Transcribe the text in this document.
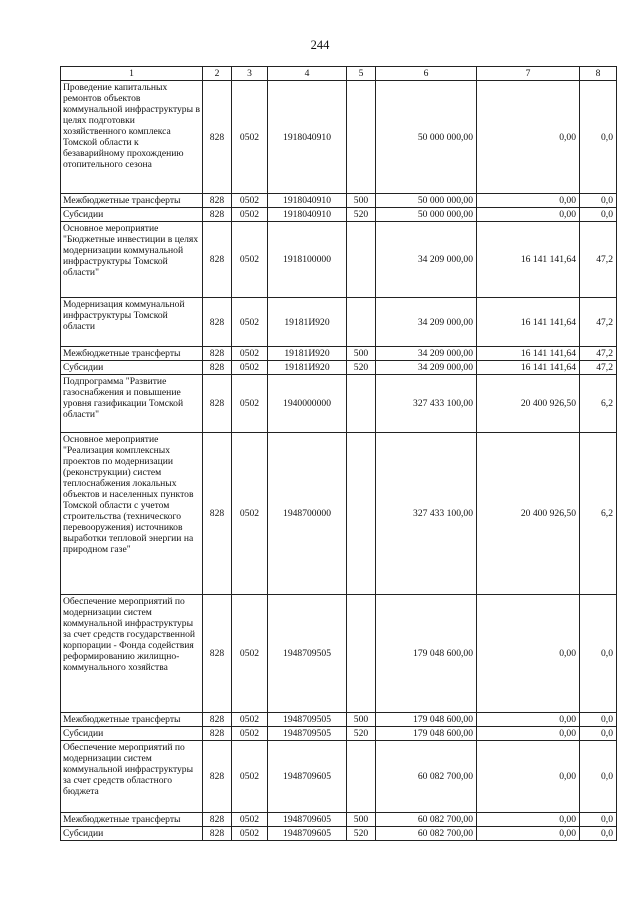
244
1	2	3	4	5	6	7	8
Проведение капитальных ремонтов объектов коммунальной инфраструктуры в целях подготовки хозяйственного комплекса Томской области к безаварийному прохождению отопительного сезона	828	0502	1918040910		50 000 000,00	0,00	0,0
Межбюджетные трансферты	828	0502	1918040910	500	50 000 000,00	0,00	0,0
Субсидии	828	0502	1918040910	520	50 000 000,00	0,00	0,0
Основное мероприятие "Бюджетные инвестиции в целях модернизации коммунальной инфраструктуры Томской области"	828	0502	1918100000		34 209 000,00	16 141 141,64	47,2
Модернизация коммунальной инфраструктуры Томской области	828	0502	19181И920		34 209 000,00	16 141 141,64	47,2
Межбюджетные трансферты	828	0502	19181И920	500	34 209 000,00	16 141 141,64	47,2
Субсидии	828	0502	19181И920	520	34 209 000,00	16 141 141,64	47,2
Подпрограмма "Развитие газоснабжения и повышение уровня газификации Томской области"	828	0502	1940000000		327 433 100,00	20 400 926,50	6,2
Основное мероприятие "Реализация комплексных проектов по модернизации (реконструкции) систем теплоснабжения локальных объектов и населенных пунктов Томской области с учетом строительства (технического перевооружения) источников выработки тепловой энергии на природном газе"	828	0502	1948700000		327 433 100,00	20 400 926,50	6,2
Обеспечение мероприятий по модернизации систем коммунальной инфраструктуры за счет средств государственной корпорации - Фонда содействия реформированию жилищно-коммунального хозяйства	828	0502	1948709505		179 048 600,00	0,00	0,0
Межбюджетные трансферты	828	0502	1948709505	500	179 048 600,00	0,00	0,0
Субсидии	828	0502	1948709505	520	179 048 600,00	0,00	0,0
Обеспечение мероприятий по модернизации систем коммунальной инфраструктуры за счет средств областного бюджета	828	0502	1948709605		60 082 700,00	0,00	0,0
Межбюджетные трансферты	828	0502	1948709605	500	60 082 700,00	0,00	0,0
Субсидии	828	0502	1948709605	520	60 082 700,00	0,00	0,0
